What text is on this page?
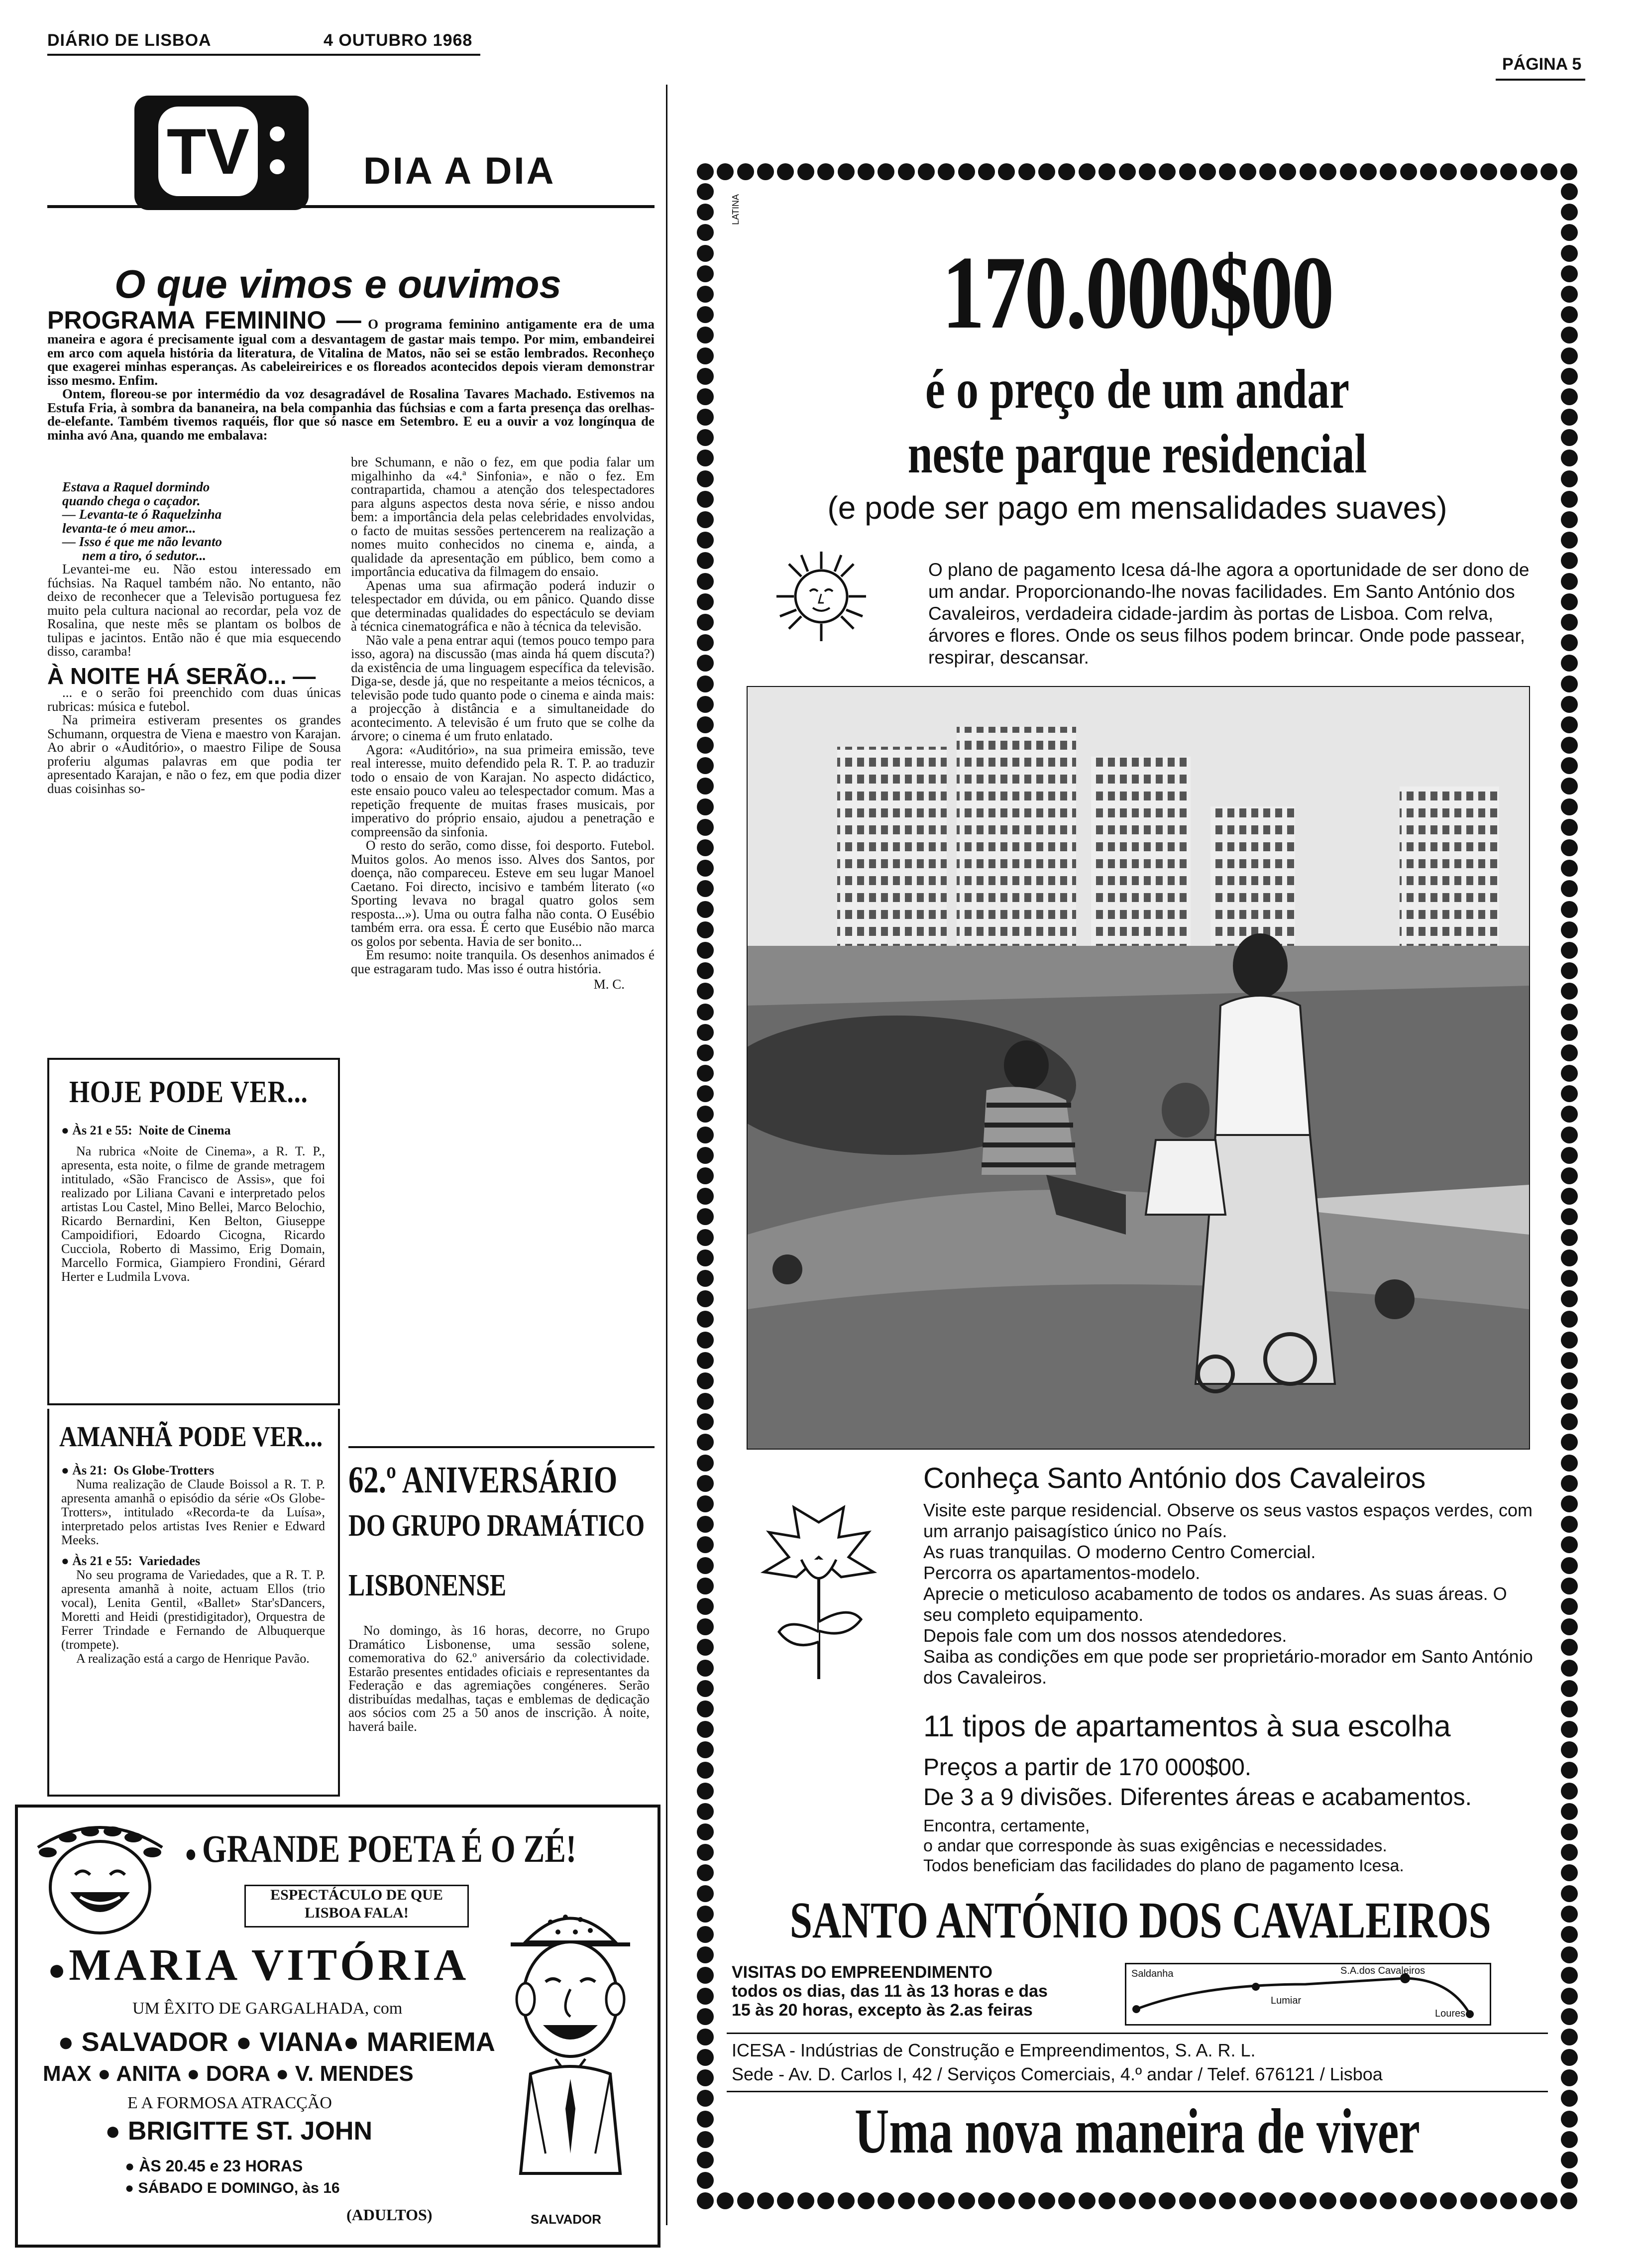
DIÁRIO DE LISBOA	4 OUTUBRO 1968
PÁGINA 5
TV	DIA A DIA
O que vimos e ouvimos

PROGRAMA FEMININO — O programa feminino antigamente era de uma maneira e agora é precisamente igual com a desvantagem de gastar mais tempo. Por mim, embandeirei em arco com aquela história da literatura, de Vitalina de Matos, não sei se estão lembrados. Reconheço que exagerei minhas esperanças. As cabeleireirices e os floreados acontecidos depois vieram demonstrar isso mesmo. Enfim.

Ontem, floreou-se por intermédio da voz desagradável de Rosalina Tavares Machado. Estivemos na Estufa Fria, à sombra da bananeira, na bela companhia das fúchsias e com a farta presença das orelhas-de-elefante. Também tivemos raquéis, flor que só nasce em Setembro. E eu a ouvir a voz longínqua de minha avó Ana, quando me embalava:

Estava a Raquel dormindo

quando chega o caçador.

— Levanta-te ó Raquelzinha

levanta-te ó meu amor...

— Isso é que me não levanto

nem a tiro, ó sedutor...

Levantei-me eu. Não estou interessado em fúchsias. Na Raquel também não. No entanto, não deixo de reconhecer que a Televisão portuguesa fez muito pela cultura nacional ao recordar, pela voz de Rosalina, que neste mês se plantam os bolbos de tulipas e jacintos. Então não é que mia esquecendo disso, caramba!

À NOITE HÁ SERÃO... —

... e o serão foi preenchido com duas únicas rubricas: música e futebol.

Na primeira estiveram presentes os grandes Schumann, orquestra de Viena e maestro von Karajan. Ao abrir o «Auditório», o maestro Filipe de Sousa proferiu algumas palavras em que podia ter apresentado Karajan, e não o fez, em que podia dizer duas coisinhas so-

bre Schumann, e não o fez, em que podia falar um migalhinho da «4.ª Sinfonia», e não o fez. Em contrapartida, chamou a atenção dos telespectadores para alguns aspectos desta nova série, e nisso andou bem: a importância dela pelas celebridades envolvidas, o facto de muitas sessões pertencerem na realização a nomes muito conhecidos no cinema e, ainda, a qualidade da apresentação em público, bem como a importância educativa da filmagem do ensaio.

Apenas uma sua afirmação poderá induzir o telespectador em dúvida, ou em pânico. Quando disse que determinadas qualidades do espectáculo se deviam à técnica cinematográfica e não à técnica da televisão.

Não vale a pena entrar aqui (temos pouco tempo para isso, agora) na discussão (mas ainda há quem discuta?) da existência de uma linguagem específica da televisão. Diga-se, desde já, que no respeitante a meios técnicos, a televisão pode tudo quanto pode o cinema e ainda mais: a projecção à distância e a simultaneidade do acontecimento. A televisão é um fruto que se colhe da árvore; o cinema é um fruto enlatado.

Agora: «Auditório», na sua primeira emissão, teve real interesse, muito defendido pela R. T. P. ao traduzir todo o ensaio de von Karajan. No aspecto didáctico, este ensaio pouco valeu ao telespectador comum. Mas a repetição frequente de muitas frases musicais, por imperativo do próprio ensaio, ajudou a penetração e compreensão da sinfonia.

O resto do serão, como disse, foi desporto. Futebol. Muitos golos. Ao menos isso. Alves dos Santos, por doença, não compareceu. Esteve em seu lugar Manoel Caetano. Foi directo, incisivo e também literato («o Sporting levava no bragal quatro golos sem resposta...»). Uma ou outra falha não conta. O Eusébio também erra. ora essa. É certo que Eusébio não marca os golos por sebenta. Havia de ser bonito...

Em resumo: noite tranquila. Os desenhos animados é que estragaram tudo. Mas isso é outra história.

M. C.
HOJE PODE VER...

● Às 21 e 55: Noite de Cinema

Na rubrica «Noite de Cinema», a R. T. P., apresenta, esta noite, o filme de grande metragem intitulado, «São Francisco de Assis», que foi realizado por Liliana Cavani e interpretado pelos artistas Lou Castel, Mino Bellei, Marco Belochio, Ricardo Bernardini, Ken Belton, Giuseppe Campoidifiori, Edoardo Cicogna, Ricardo Cucciola, Roberto di Massimo, Erig Domain, Marcello Formica, Giampiero Frondini, Gérard Herter e Ludmila Lvova.

AMANHÃ PODE VER...

● Às 21: Os Globe-Trotters

Numa realização de Claude Boissol a R. T. P. apresenta amanhã o episódio da série «Os Globe-Trotters», intitulado «Recorda-te da Luísa», interpretado pelos artistas Ives Renier e Edward Meeks.

● Às 21 e 55: Variedades

No seu programa de Variedades, que a R. T. P. apresenta amanhã à noite, actuam Ellos (trio vocal), Lenita Gentil, «Ballet» Star'sDancers, Moretti and Heidi (prestidigitador), Orquestra de Ferrer Trindade e Fernando de Albuquerque (trompete).

A realização está a cargo de Henrique Pavão.

62.º ANIVERSÁRIO
DO GRUPO DRAMÁTICO
LISBONENSE

No domingo, às 16 horas, decorre, no Grupo Dramático Lisbonense, uma sessão solene, comemorativa do 62.º aniversário da colectividade. Estarão presentes entidades oficiais e representantes da Federação e das agremiações congéneres. Serão distribuídas medalhas, taças e emblemas de dedicação aos sócios com 25 a 50 anos de inscrição. À noite, haverá baile.

● GRANDE POETA É O ZÉ!
ESPECTÁCULO DE QUE
LISBOA FALA!
●MARIA VITÓRIA
UM ÊXITO DE GARGALHADA, com
● SALVADOR ● VIANA● MARIEMA
MAX ● ANITA ● DORA ● V. MENDES
E A FORMOSA ATRACÇÃO
● BRIGITTE ST. JOHN
● ÀS 20.45 e 23 HORAS
● SÁBADO E DOMINGO, às 16
(ADULTOS)	SALVADOR
LATINA
170.000$00
é o preço de um andar
neste parque residencial
(e pode ser pago em mensalidades suaves)
O plano de pagamento Icesa dá-lhe agora a oportunidade de ser dono de um andar. Proporcionando-lhe novas facilidades. Em Santo António dos Cavaleiros, verdadeira cidade-jardim às portas de Lisboa. Com relva, árvores e flores. Onde os seus filhos podem brincar. Onde pode passear, respirar, descansar.
Conheça Santo António dos Cavaleiros
Visite este parque residencial. Observe os seus vastos espaços verdes, com um arranjo paisagístico único no País.
As ruas tranquilas. O moderno Centro Comercial.
Percorra os apartamentos-modelo.
Aprecie o meticuloso acabamento de todos os andares. As suas áreas. O seu completo equipamento.
Depois fale com um dos nossos atendedores.
Saiba as condições em que pode ser proprietário-morador em Santo António dos Cavaleiros.
11 tipos de apartamentos à sua escolha
Preços a partir de 170 000$00.
De 3 a 9 divisões. Diferentes áreas e acabamentos.
Encontra, certamente,
o andar que corresponde às suas exigências e necessidades.
Todos beneficiam das facilidades do plano de pagamento Icesa.
SANTO ANTÓNIO DOS CAVALEIROS
VISITAS DO EMPREENDIMENTO
todos os dias, das 11 às 13 horas e das
15 às 20 horas, excepto às 2.as feiras
Saldanha	S.A.dos Cavaleiros
Lumiar
Loures
ICESA - Indústrias de Construção e Empreendimentos, S. A. R. L.
Sede - Av. D. Carlos I, 42 / Serviços Comerciais, 4.º andar / Telef. 676121 / Lisboa
Uma nova maneira de viver
